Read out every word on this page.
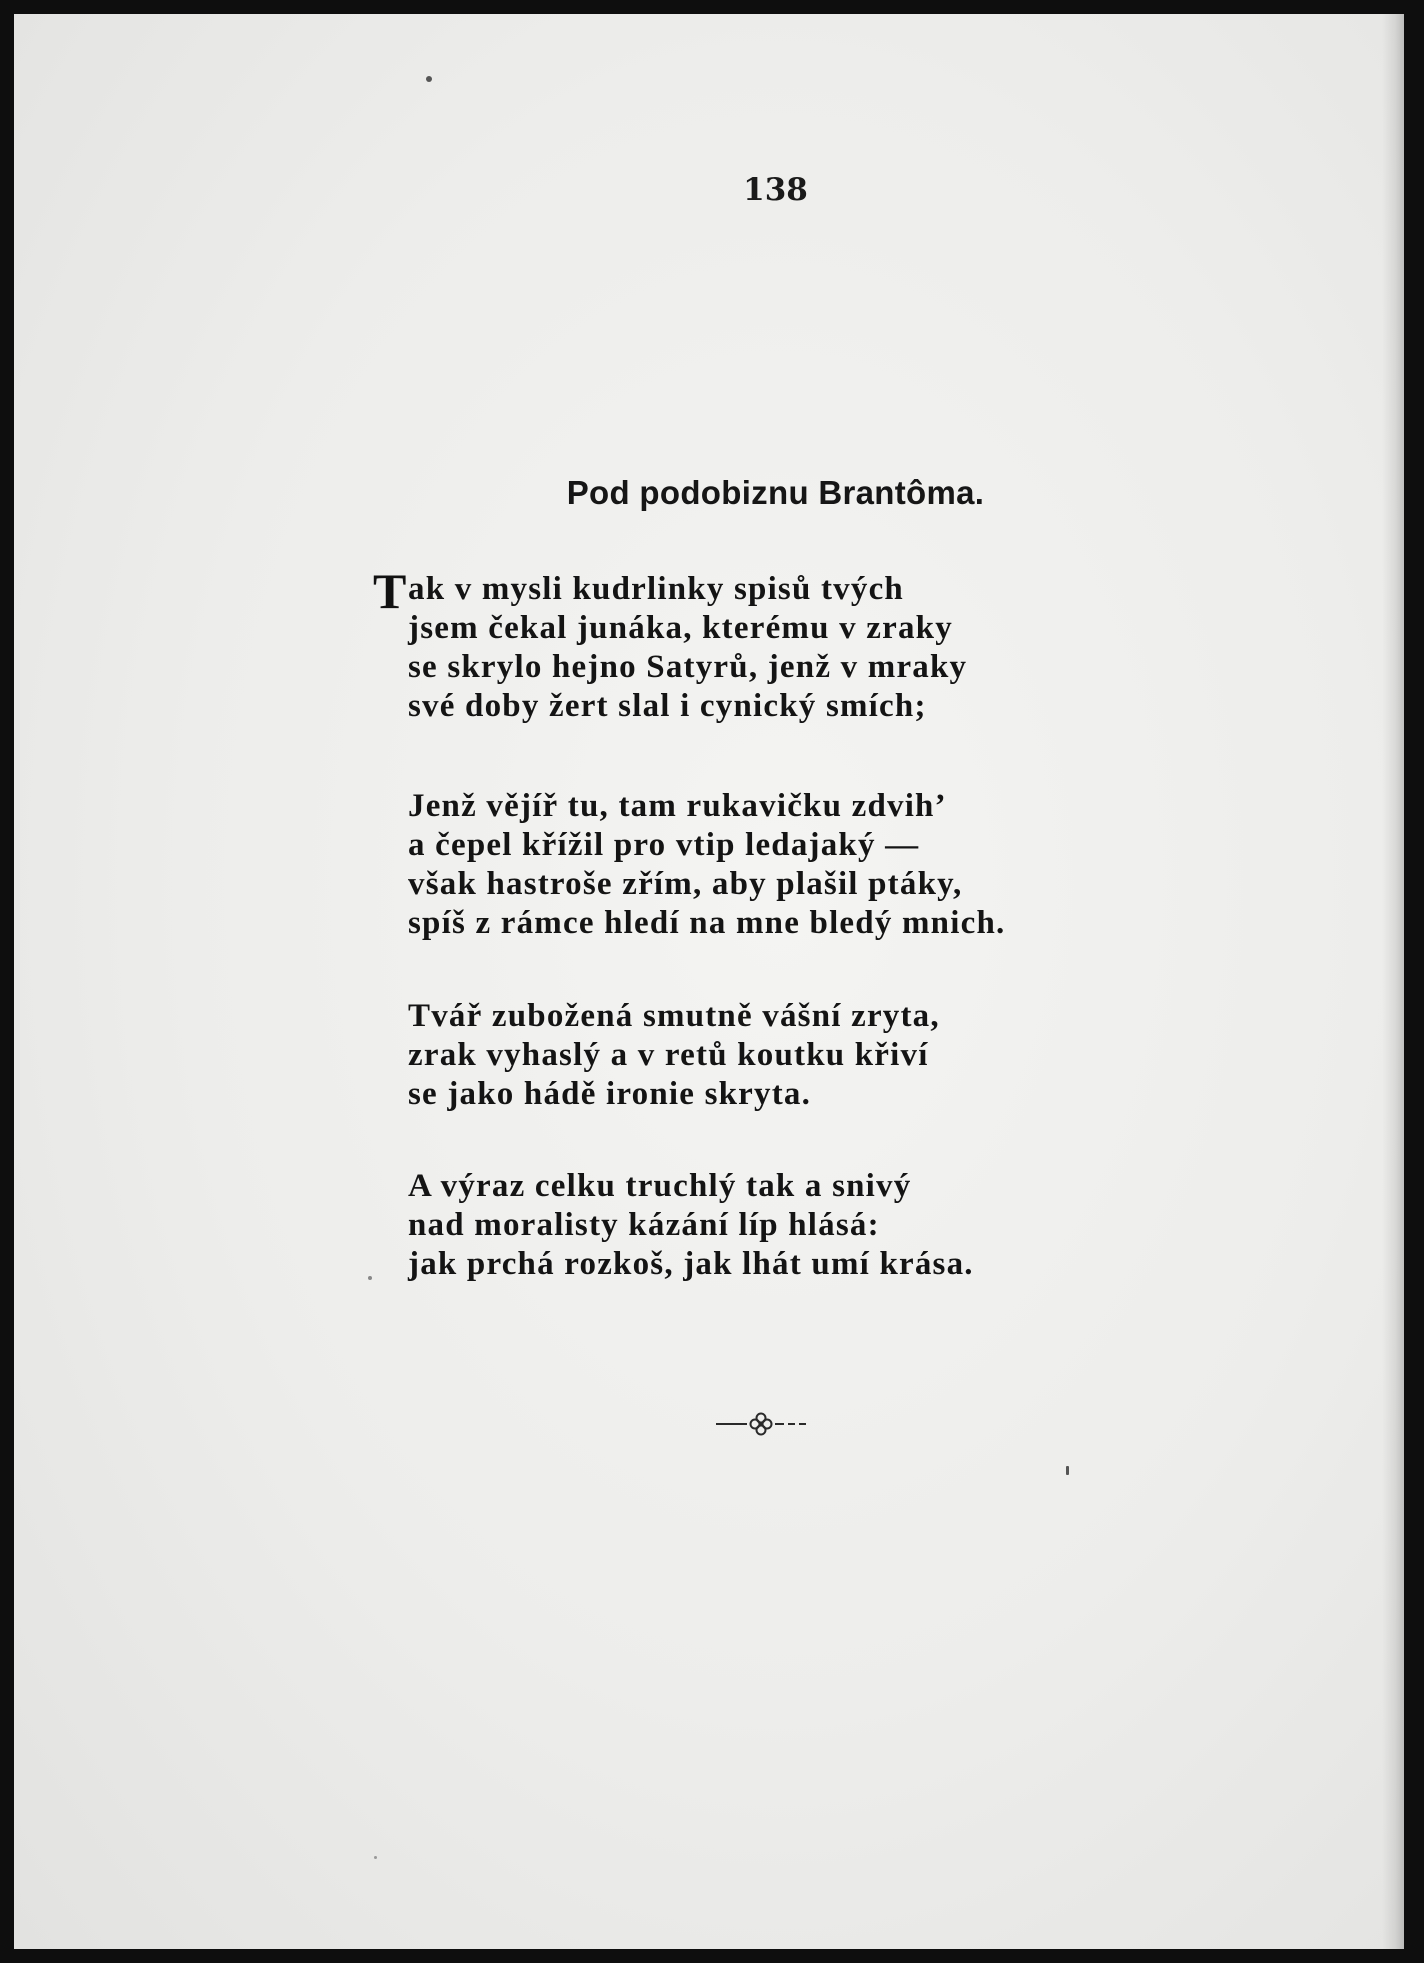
138
Pod podobiznu Brantôma.
T ak v mysli kudrlinky spisů tvých
jsem čekal junáka, kterému v zraky
se skrylo hejno Satyrů, jenž v mraky
své doby žert slal i cynický smích;
Jenž vějíř tu, tam rukavičku zdvih’
a čepel křížil pro vtip ledajaký —
však hastroše zřím, aby plašil ptáky,
spíš z rámce hledí na mne bledý mnich.
Tvář zubožená smutně vášní zryta,
zrak vyhaslý a v retů koutku křiví
se jako hádě ironie skryta.
A výraz celku truchlý tak a snivý
nad moralisty kázání líp hlásá:
jak prchá rozkoš, jak lhát umí krása.
